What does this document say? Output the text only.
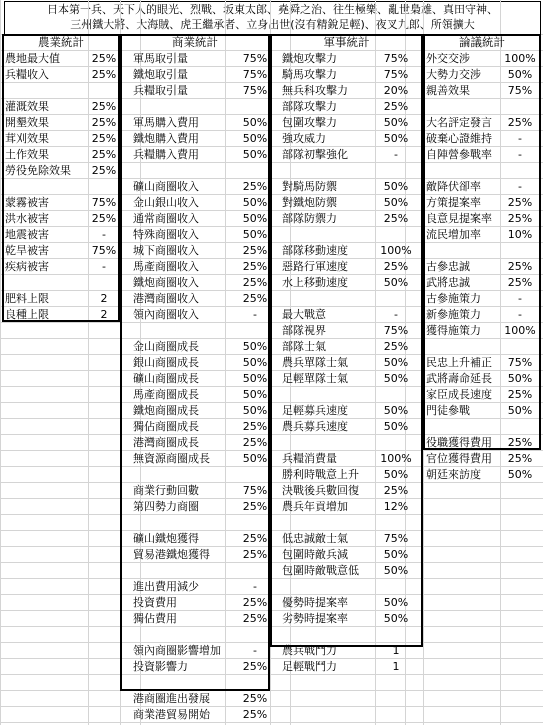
日本第一兵、天下人的眼光、烈戰、坂東太郎、堯舜之治、往生極樂、亂世梟雄、真田守神、
三州鐵大將、大海賊、虎王繼承者、立身出世(沒有精銳足輕)、夜叉九郎、所領擴大
農業統計
農地最大值	25%
兵糧收入	25%
灌溉效果	25%
開墾效果	25%
茸刈效果	25%
土作效果	25%
勞役免除效果	25%
蒙霧被害	75%
洪水被害	25%
地震被害	-
乾旱被害	75%
疾病被害	-
肥料上限	2
良種上限	2
商業統計
軍馬取引量	75%
鐵炮取引量	75%
兵糧取引量	75%
軍馬購入費用	50%
鐵炮購入費用	50%
兵糧購入費用	50%
礦山商圈收入	25%
金山銀山收入	50%
通常商圈收入	50%
特殊商圈收入	50%
城下商圈收入	25%
馬產商圈收入	25%
鐵炮商圈收入	25%
港灣商圈收入	25%
領內商圈收入	-
金山商圈成長	50%
銀山商圈成長	50%
礦山商圈成長	50%
馬產商圈成長	50%
鐵炮商圈成長	50%
獨佔商圈成長	25%
港灣商圈成長	25%
無資源商圈成長	50%
商業行動回數	75%
第四勢力商圈	25%
礦山鐵炮獲得	25%
貿易港鐵炮獲得	25%
進出費用減少	-
投資費用	25%
獨佔費用	25%
領內商圈影響增加	-
投資影響力	25%
港商圈進出發展	25%
商業港貿易開始	25%
軍事統計
鐵炮攻擊力	75%
騎馬攻擊力	75%
無兵科攻擊力	20%
部隊攻擊力	25%
包圍攻擊力	50%
強攻威力	50%
部隊初擊強化	-
對騎馬防禦	50%
對鐵炮防禦	50%
部隊防禦力	25%
部隊移動速度	100%
惡路行軍速度	25%
水上移動速度	50%
最大戰意	-
部隊視界	75%
部隊士氣	25%
農兵單隊士氣	50%
足輕單隊士氣	50%
足輕募兵速度	50%
農兵募兵速度	50%
兵糧消費量	100%
勝利時戰意上升	50%
決戰後兵數回復	25%
農兵年貢增加	12%
低忠誠敵士氣	75%
包圍時敵兵減	50%
包圍時敵戰意低	50%
優勢時提案率	50%
劣勢時提案率	50%
農兵戰鬥力	1
足輕戰鬥力	1
論議統計
外交交涉	100%
大勢力交涉	50%
親善效果	75%
大名評定發言	25%
破棄心證維持	-
自陣營參戰率	-
敵降伏卻率	-
方策提案率	25%
良意見提案率	25%
流民增加率	10%
古參忠誠	25%
武將忠誠	25%
古參施策力	-
新參施策力	-
獲得施策力	100%
民忠上升補正	75%
武將壽命延長	50%
家臣成長速度	25%
門徒參戰	50%
役職獲得費用	25%
官位獲得費用	25%
朝廷來訪度	50%
